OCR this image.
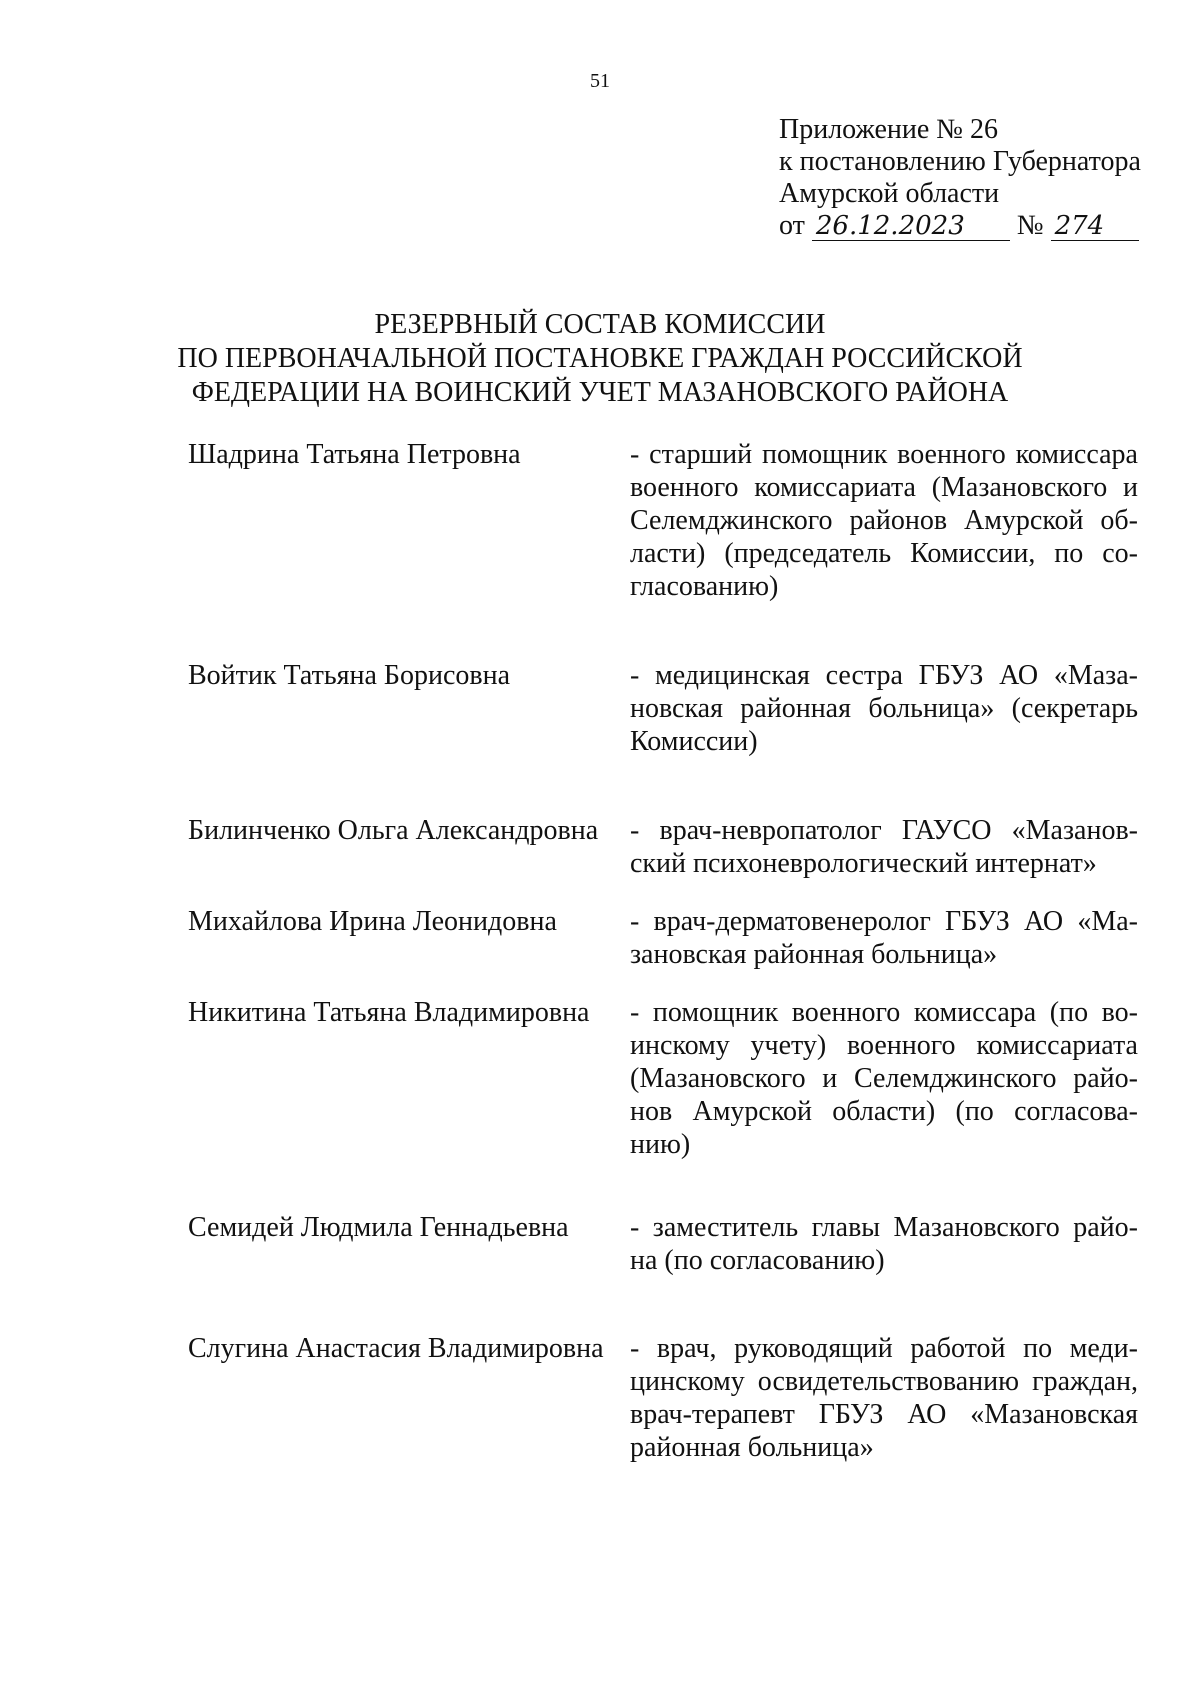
51
Приложение № 26
к постановлению Губернатора
Амурской области
от 26.12.2023 № 274
РЕЗЕРВНЫЙ СОСТАВ КОМИССИИ
ПО ПЕРВОНАЧАЛЬНОЙ ПОСТАНОВКЕ ГРАЖДАН РОССИЙСКОЙ
ФЕДЕРАЦИИ НА ВОИНСКИЙ УЧЕТ МАЗАНОВСКОГО РАЙОНА
Шадрина Татьяна Петровна	- старший помощник военного комиссара
военного комиссариата (Мазановского и
Селемджинского районов Амурской об-
ласти) (председатель Комиссии, по со-
гласованию)
Войтик Татьяна Борисовна	- медицинская сестра ГБУЗ АО «Маза-
новская районная больница» (секретарь
Комиссии)
Билинченко Ольга Александровна	- врач-невропатолог ГАУСО «Мазанов-
ский психоневрологический интернат»
Михайлова Ирина Леонидовна	- врач-дерматовенеролог ГБУЗ АО «Ма-
зановская районная больница»
Никитина Татьяна Владимировна	- помощник военного комиссара (по во-
инскому учету) военного комиссариата
(Мазановского и Селемджинского райо-
нов Амурской области) (по согласова-
нию)
Семидей Людмила Геннадьевна	- заместитель главы Мазановского райо-
на (по согласованию)
Слугина Анастасия Владимировна - врач, руководящий работой по меди-
цинскому освидетельствованию граждан,
врач-терапевт ГБУЗ АО «Мазановская
районная больница»
